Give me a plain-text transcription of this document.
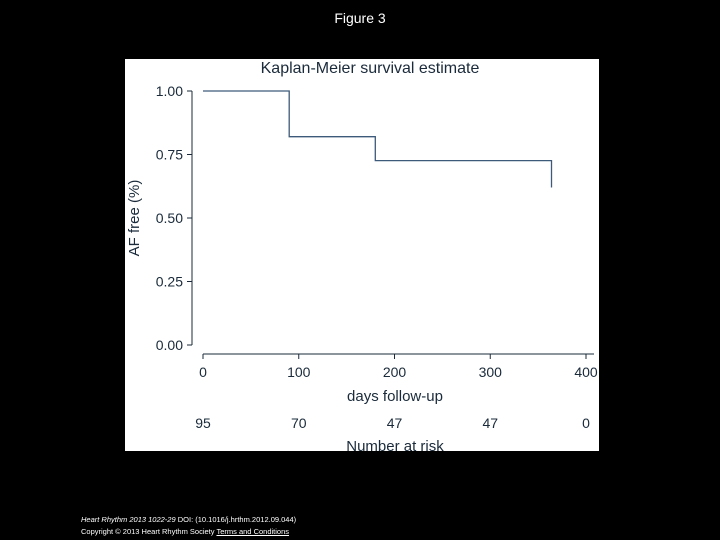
Figure 3
Kaplan-Meier survival estimate
0.00
0.25
0.50
0.75
1.00
0	100	200	300	400
days follow-up
AF free (%)
95	70	47	47	0
Number at risk
Heart Rhythm 2013 1022-29 DOI: (10.1016/j.hrthm.2012.09.044)
Copyright © 2013 Heart Rhythm Society Terms and Conditions
